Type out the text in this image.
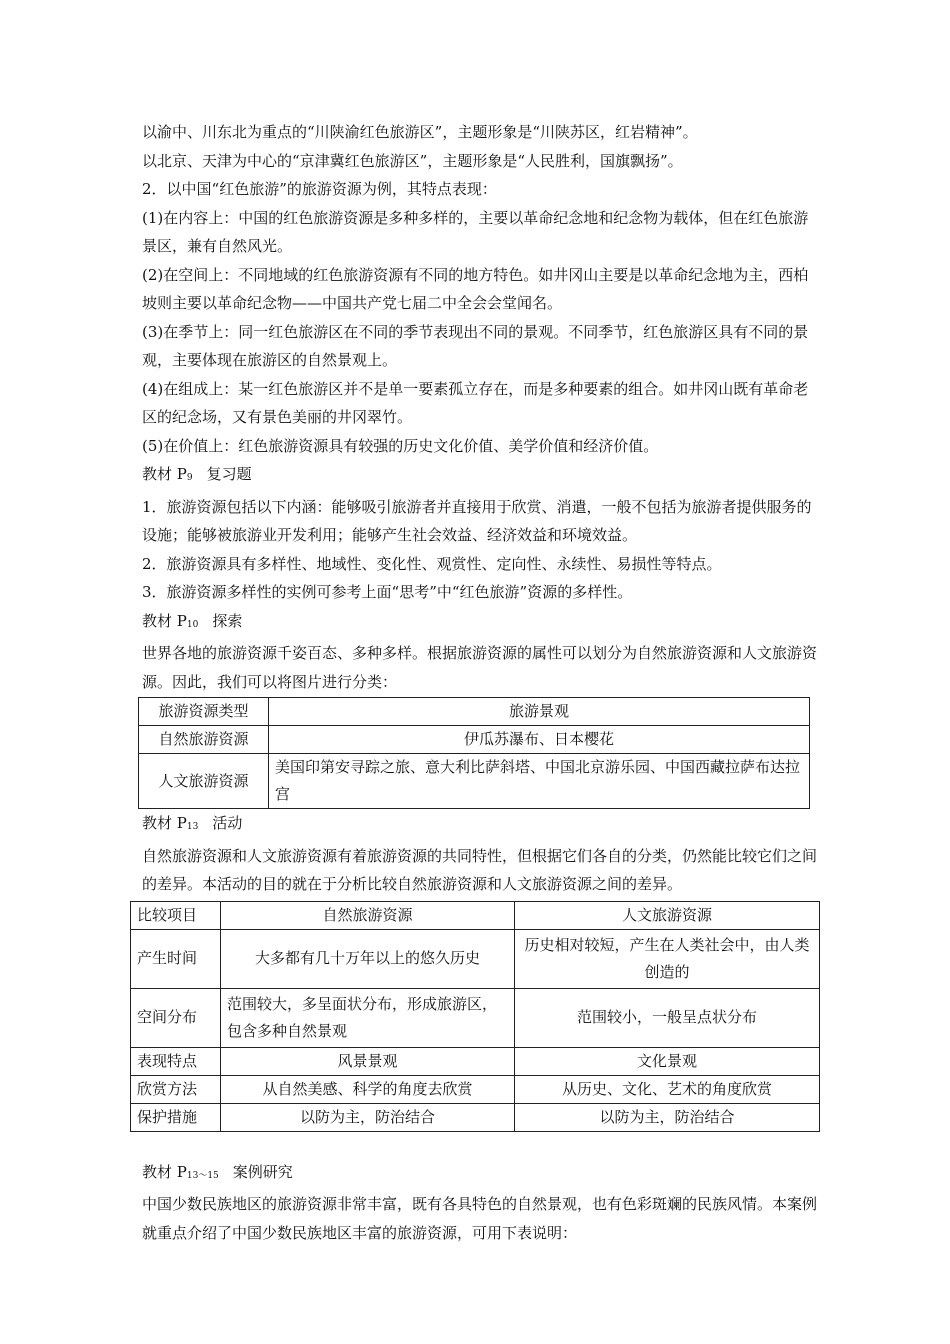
以渝中、川东北为重点的“川陕渝红色旅游区”，主题形象是“川陕苏区，红岩精神”。

以北京、天津为中心的“京津冀红色旅游区”，主题形象是“人民胜利，国旗飘扬”。

2．以中国“红色旅游”的旅游资源为例，其特点表现：

(1)在内容上：中国的红色旅游资源是多种多样的，主要以革命纪念地和纪念物为载体，但在红色旅游景区，兼有自然风光。

(2)在空间上：不同地域的红色旅游资源有不同的地方特色。如井冈山主要是以革命纪念地为主，西柏坡则主要以革命纪念物——中国共产党七届二中全会会堂闻名。

(3)在季节上：同一红色旅游区在不同的季节表现出不同的景观。不同季节，红色旅游区具有不同的景观，主要体现在旅游区的自然景观上。

(4)在组成上：某一红色旅游区并不是单一要素孤立存在，而是多种要素的组合。如井冈山既有革命老区的纪念场，又有景色美丽的井冈翠竹。

(5)在价值上：红色旅游资源具有较强的历史文化价值、美学价值和经济价值。

教材 $P_9$ 复习题

1．旅游资源包括以下内涵：能够吸引旅游者并直接用于欣赏、消遣，一般不包括为旅游者提供服务的设施；能够被旅游业开发利用；能够产生社会效益、经济效益和环境效益。

2．旅游资源具有多样性、地域性、变化性、观赏性、定向性、永续性、易损性等特点。

3．旅游资源多样性的实例可参考上面“思考”中“红色旅游”资源的多样性。

教材 $P_{10}$ 探索

世界各地的旅游资源千姿百态、多种多样。根据旅游资源的属性可以划分为自然旅游资源和人文旅游资源。因此，我们可以将图片进行分类：

旅游资源类型	旅游景观
自然旅游资源	伊瓜苏瀑布、日本樱花
人文旅游资源	美国印第安寻踪之旅、意大利比萨斜塔、中国北京游乐园、中国西藏拉萨布达拉宫

教材 $P_{13}$ 活动

自然旅游资源和人文旅游资源有着旅游资源的共同特性，但根据它们各自的分类，仍然能比较它们之间的差异。本活动的目的就在于分析比较自然旅游资源和人文旅游资源之间的差异。

比较项目	自然旅游资源	人文旅游资源
产生时间	大多都有几十万年以上的悠久历史	历史相对较短，产生在人类社会中，由人类创造的
空间分布	范围较大，多呈面状分布，形成旅游区，包含多种自然景观	范围较小，一般呈点状分布
表现特点	风景景观	文化景观
欣赏方法	从自然美感、科学的角度去欣赏	从历史、文化、艺术的角度欣赏
保护措施	以防为主，防治结合	以防为主，防治结合

教材 $P_{13\sim 15}$ 案例研究

中国少数民族地区的旅游资源非常丰富，既有各具特色的自然景观，也有色彩斑斓的民族风情。本案例就重点介绍了中国少数民族地区丰富的旅游资源，可用下表说明：
